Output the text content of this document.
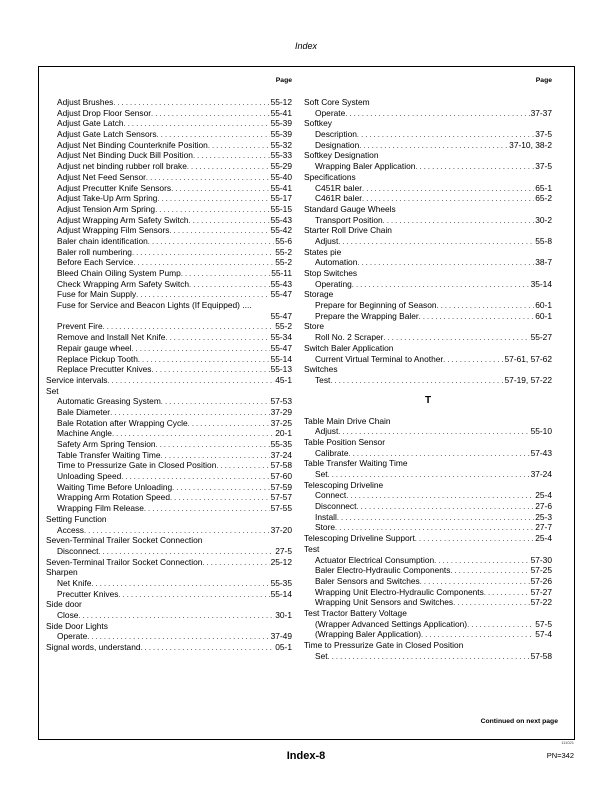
Index
Page
Adjust Brushes . . .	55-12
Adjust Drop Floor Sensor . . .	55-41
Adjust Gate Latch . . .	55-39
Adjust Gate Latch Sensors . . .	55-39
Adjust Net Binding Counterknife Position . . .	55-32
Adjust Net Binding Duck Bill Position . . .	55-33
Adjust net binding rubber roll brake . . .	55-29
Adjust Net Feed Sensor . . .	55-40
Adjust Precutter Knife Sensors . . .	55-41
Adjust Take-Up Arm Spring . . .	55-17
Adjust Tension Arm Spring . . .	55-15
Adjust Wrapping Arm Safety Switch . . .	55-43
Adjust Wrapping Film Sensors . . .	55-42
Baler chain identification . . .	55-6
Baler roll numbering . . .	55-2
Before Each Service . . .	55-2
Bleed Chain Oiling System Pump . . .	55-11
Check Wrapping Arm Safety Switch . . .	55-43
Fuse for Main Supply . . .	55-47
Fuse for Service and Beacon Lights (If Equipped) ....
55-47
Prevent Fire . . .	55-2
Remove and Install Net Knife . . .	55-34
Repair gauge wheel . . .	55-47
Replace Pickup Tooth . . .	55-14
Replace Precutter Knives . . .	55-13
Service intervals . . .	45-1
Set
Automatic Greasing System . . .	57-53
Bale Diameter . . .	37-29
Bale Rotation after Wrapping Cycle . . .	37-25
Machine Angle . . .	20-1
Safety Arm Spring Tension . . .	55-35
Table Transfer Waiting Time . . .	37-24
Time to Pressurize Gate in Closed Position . . .	57-58
Unloading Speed . . .	57-60
Waiting Time Before Unloading . . .	57-59
Wrapping Arm Rotation Speed . . .	57-57
Wrapping Film Release . . .	57-55
Setting Function
Access . . .	37-20
Seven-Terminal Trailer Socket Connection
Disconnect . . .	27-5
Seven-Terminal Trailor Socket Connection . . .	25-12
Sharpen
Net Knife . . .	55-35
Precutter Knives . . .	55-14
Side door
Close . . .	30-1
Side Door Lights
Operate . . .	37-49
Signal words, understand . . .	05-1
Page
Soft Core System
Operate . . .	37-37
Softkey
Description . . .	37-5
Designation . . .	37-10, 38-2
Softkey Designation
Wrapping Baler Application . . .	37-5
Specifications
C451R baler . . .	65-1
C461R baler . . .	65-2
Standard Gauge Wheels
Transport Position . . .	30-2
Starter Roll Drive Chain
Adjust . . .	55-8
States pie
Automation . . .	38-7
Stop Switches
Operating . . .	35-14
Storage
Prepare for Beginning of Season . . .	60-1
Prepare the Wrapping Baler . . .	60-1
Store
Roll No. 2 Scraper . . .	55-27
Switch Baler Application
Current Virtual Terminal to Another . . .	57-61, 57-62
Switches
Test . . .	57-19, 57-22
T
Table Main Drive Chain
Adjust . . .	55-10
Table Position Sensor
Calibrate . . .	57-43
Table Transfer Waiting Time
Set . . .	37-24
Telescoping Driveline
Connect . . .	25-4
Disconnect . . .	27-6
Install . . .	25-3
Store . . .	27-7
Telescoping Driveline Support . . .	25-4
Test
Actuator Electrical Consumption . . .	57-30
Baler Electro-Hydraulic Components . . .	57-25
Baler Sensors and Switches . . .	57-26
Wrapping Unit Electro-Hydraulic Components . . .	57-27
Wrapping Unit Sensors and Switches . . .	57-22
Test Tractor Battery Voltage
(Wrapper Advanced Settings Application) . . .	57-5
(Wrapping Baler Application) . . .	57-4
Time to Pressurize Gate in Closed Position
Set . . .	57-58
Continued on next page
111021
Index-8	PN=342
